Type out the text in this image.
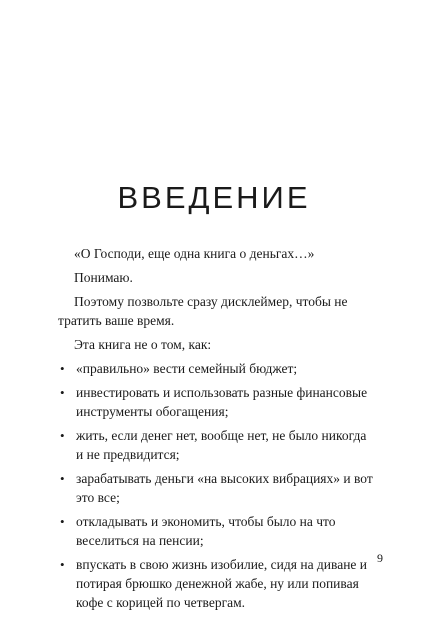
ВВЕДЕНИЕ

«О Господи, еще одна книга о деньгах…»

Понимаю.

Поэтому позвольте сразу дисклеймер, чтобы не тратить ваше время.

Эта книга не о том, как:

• «правильно» вести семейный бюджет;
• инвестировать и использовать разные финансовые инструменты обогащения;
• жить, если денег нет, вообще нет, не было никогда и не предвидится;
• зарабатывать деньги «на высоких вибрациях» и вот это все;
• откладывать и экономить, чтобы было на что веселиться на пенсии;
• впускать в свою жизнь изобилие, сидя на диване и потирая брюшко денежной жабе, ну или попивая кофе с корицей по четвергам.
9
